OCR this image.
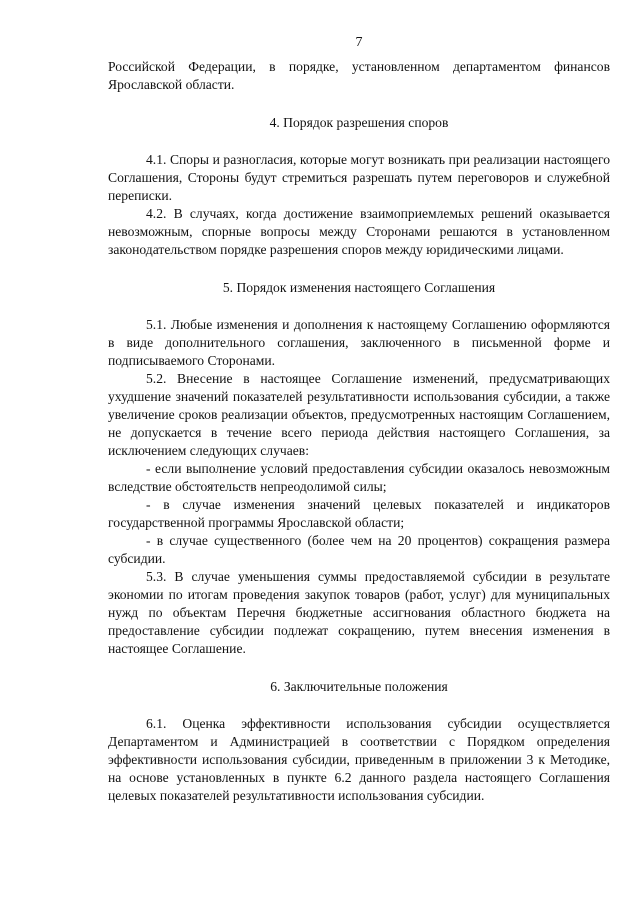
7

Российской Федерации, в порядке, установленном департаментом финансов Ярославской области.

4. Порядок разрешения споров

4.1. Споры и разногласия, которые могут возникать при реализации настоящего Соглашения, Стороны будут стремиться разрешать путем переговоров и служебной переписки.

4.2. В случаях, когда достижение взаимоприемлемых решений оказывается невозможным, спорные вопросы между Сторонами решаются в установленном законодательством порядке разрешения споров между юридическими лицами.

5. Порядок изменения настоящего Соглашения

5.1. Любые изменения и дополнения к настоящему Соглашению оформляются в виде дополнительного соглашения, заключенного в письменной форме и подписываемого Сторонами.

5.2. Внесение в настоящее Соглашение изменений, предусматривающих ухудшение значений показателей результативности использования субсидии, а также увеличение сроков реализации объектов, предусмотренных настоящим Соглашением, не допускается в течение всего периода действия настоящего Соглашения, за исключением следующих случаев:

- если выполнение условий предоставления субсидии оказалось невозможным вследствие обстоятельств непреодолимой силы;

- в случае изменения значений целевых показателей и индикаторов государственной программы Ярославской области;

- в случае существенного (более чем на 20 процентов) сокращения размера субсидии.

5.3. В случае уменьшения суммы предоставляемой субсидии в результате экономии по итогам проведения закупок товаров (работ, услуг) для муниципальных нужд по объектам Перечня бюджетные ассигнования областного бюджета на предоставление субсидии подлежат сокращению, путем внесения изменения в настоящее Соглашение.

6. Заключительные положения

6.1. Оценка эффективности использования субсидии осуществляется Департаментом и Администрацией в соответствии с Порядком определения эффективности использования субсидии, приведенным в приложении 3 к Методике, на основе установленных в пункте 6.2 данного раздела настоящего Соглашения целевых показателей результативности использования субсидии.
